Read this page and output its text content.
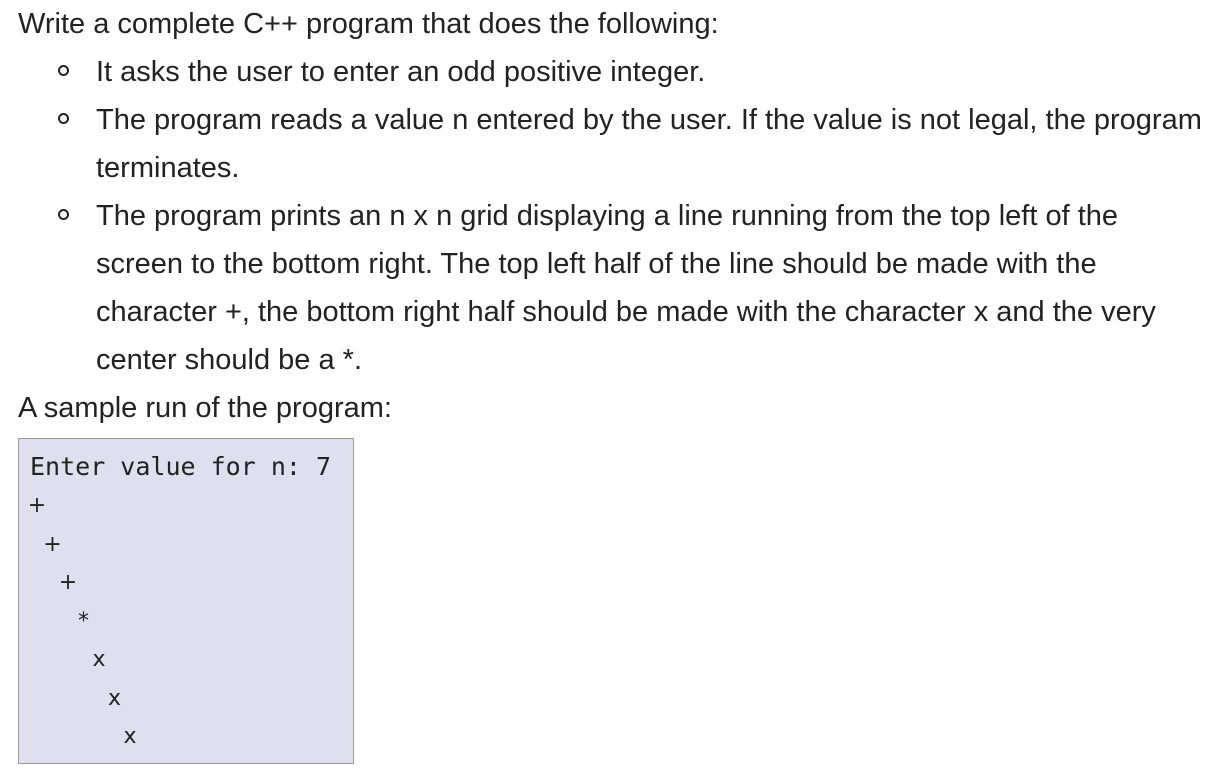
Write a complete C++ program that does the following:

It asks the user to enter an odd positive integer.
The program reads a value n entered by the user. If the value is not legal, the program terminates.
The program prints an n x n grid displaying a line running from the top left of the screen to the bottom right. The top left half of the line should be made with the character +, the bottom right half should be made with the character x and the very center should be a *.

A sample run of the program:

Enter value for n: 7
+
+
+
*
x
x
x
